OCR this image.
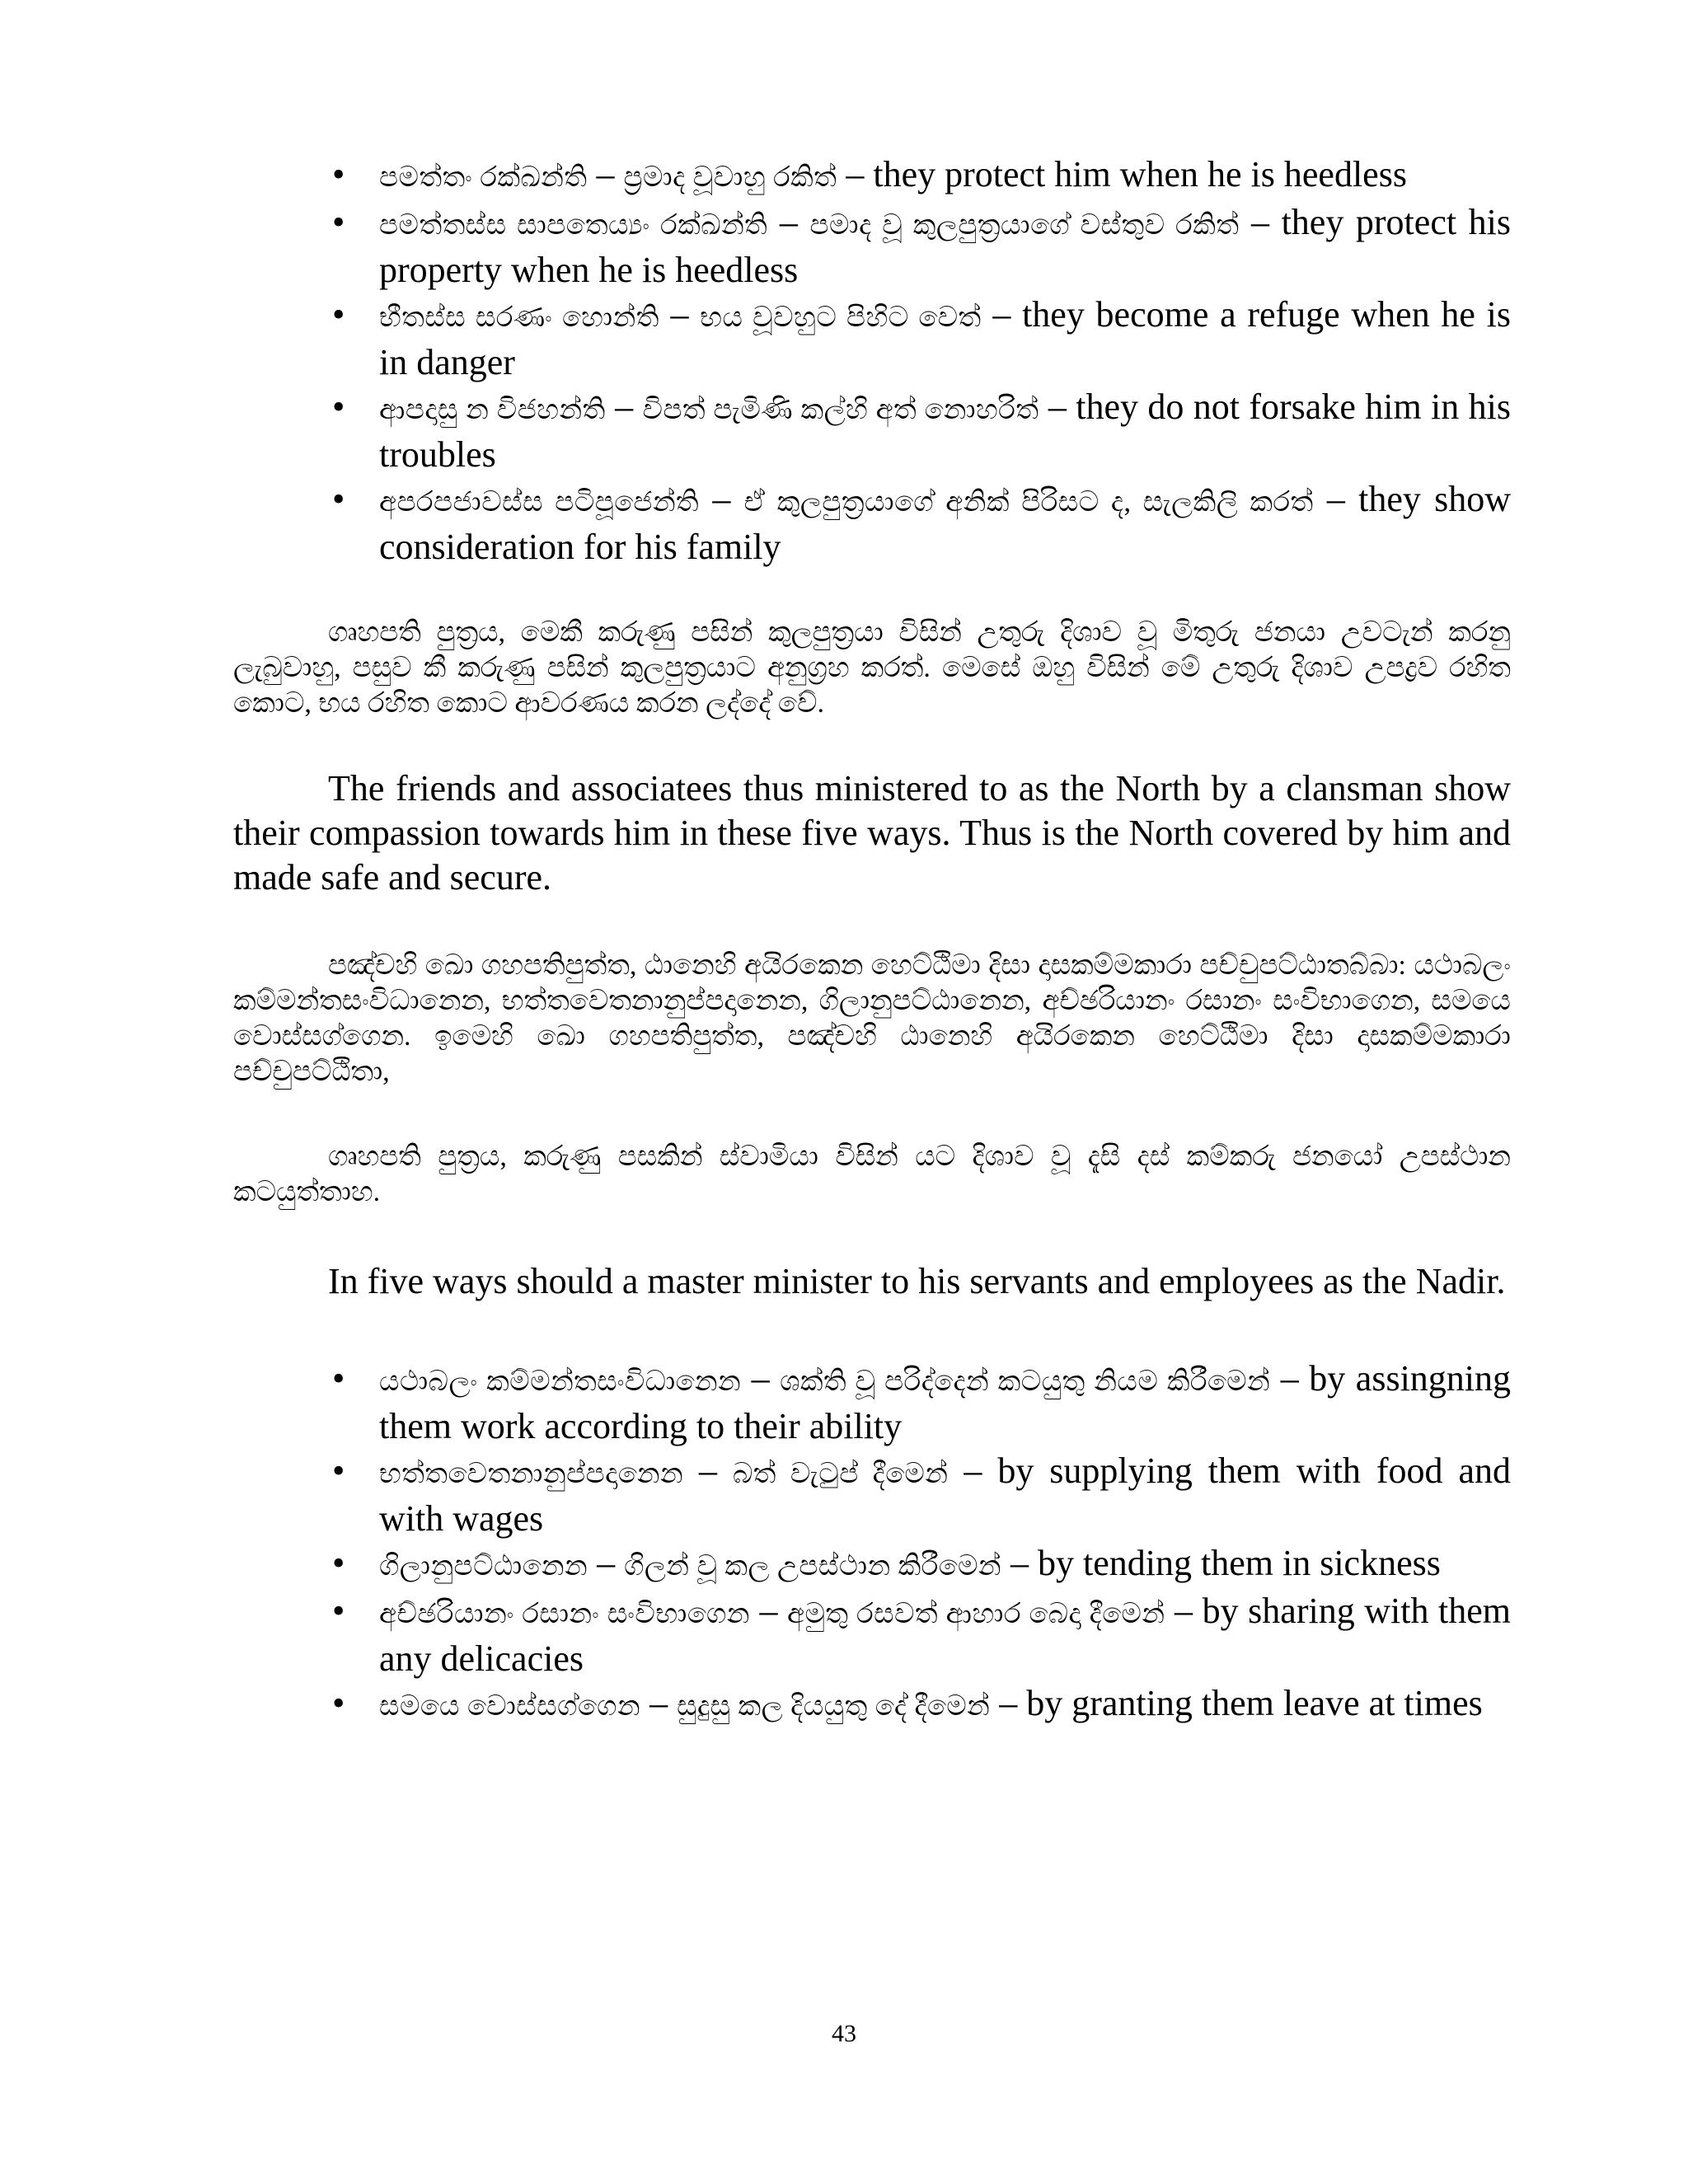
• පමත්තං රක්ඛන්ති – ප්‍රමාද වූවාහු රකිත් – they protect him when he is heedless
• පමත්තස්ස සාපතෙය්‍යං රක්ඛන්ති – පමාද වූ කුලපුත්‍රයාගේ වස්තුව රකිත් – they protect his property when he is heedless
• භීතස්ස සරණං හොන්ති – භය වූවහුට පිහිට වෙත් – they become a refuge when he is in danger
• ආපදාසු න විජහන්ති – විපත් පැමිණි කල්හි අත් නොහරිත් – they do not forsake him in his troubles
• අපරපජාවස්ස පටිපූජෙන්ති – ඒ කුලපුත්‍රයාගේ අනික් පිරිසට ද, සැලකිලි කරත් – they show consideration for his family

ගෘහපති පුත්‍රය, මෙකී කරුණු පසින් කුලපුත්‍රයා විසින් උතුරු දිශාව වූ මිතුරු ජනයා උවටැන් කරනු ලැබුවාහු, පසුව කී කරුණු පසින් කුලපුත්‍රයාට අනුග්‍රහ කරත්. මෙසේ ඔහු විසින් මේ උතුරු දිශාව උපද්‍රව රහිත කොට, භය රහිත කොට ආවරණය කරන ලද්දේ වේ.

The friends and associatees thus ministered to as the North by a clansman show their compassion towards him in these five ways. Thus is the North covered by him and made safe and secure.

පඤ්චහි ඛො ගහපතිපුත්ත, ඨානෙහි අයිරකෙන හෙට්ඨිමා දිසා දාසකම්මකාරා පච්චුපට්ඨාතබ්බා: යථාබලං කම්මන්තසංවිධානෙන, භත්තවෙතනානුප්පදානෙන, ගිලානුපට්ඨානෙන, අච්ඡරියානං රසානං සංවිභාගෙන, සමයෙ වොස්සග්ගෙන. ඉමෙහි ඛො ගහපතිපුත්ත, පඤ්චහි ඨානෙහි අයිරකෙන හෙට්ඨිමා දිසා දාසකම්මකාරා පච්චුපට්ඨිතා,

ගෘහපති පුත්‍රය, කරුණු පසකින් ස්වාමියා විසින් යට දිශාව වූ දැසි දස් කම්කරු ජනයෝ උපස්ථාන කටයුත්තාහ.

In five ways should a master minister to his servants and employees as the Nadir.

• යථාබලං කම්මන්තසංවිධානෙන – ශක්ති වූ පරිද්දෙන් කටයුතු නියම කිරීමෙන් – by assingning them work according to their ability
• භත්තවෙතනානුප්පදානෙන – බත් වැටුප් දීමෙන් – by supplying them with food and with wages
• ගිලානුපට්ඨානෙන – ගිලන් වූ කල උපස්ථාන කිරීමෙන් – by tending them in sickness
• අච්ඡරියානං රසානං සංවිභාගෙන – අමුතු රසවත් ආහාර බෙදා දීමෙන් – by sharing with them any delicacies
• සමයෙ වොස්සග්ගෙන – සුදුසු කල දියයුතු දේ දීමෙන් – by granting them leave at times
43
